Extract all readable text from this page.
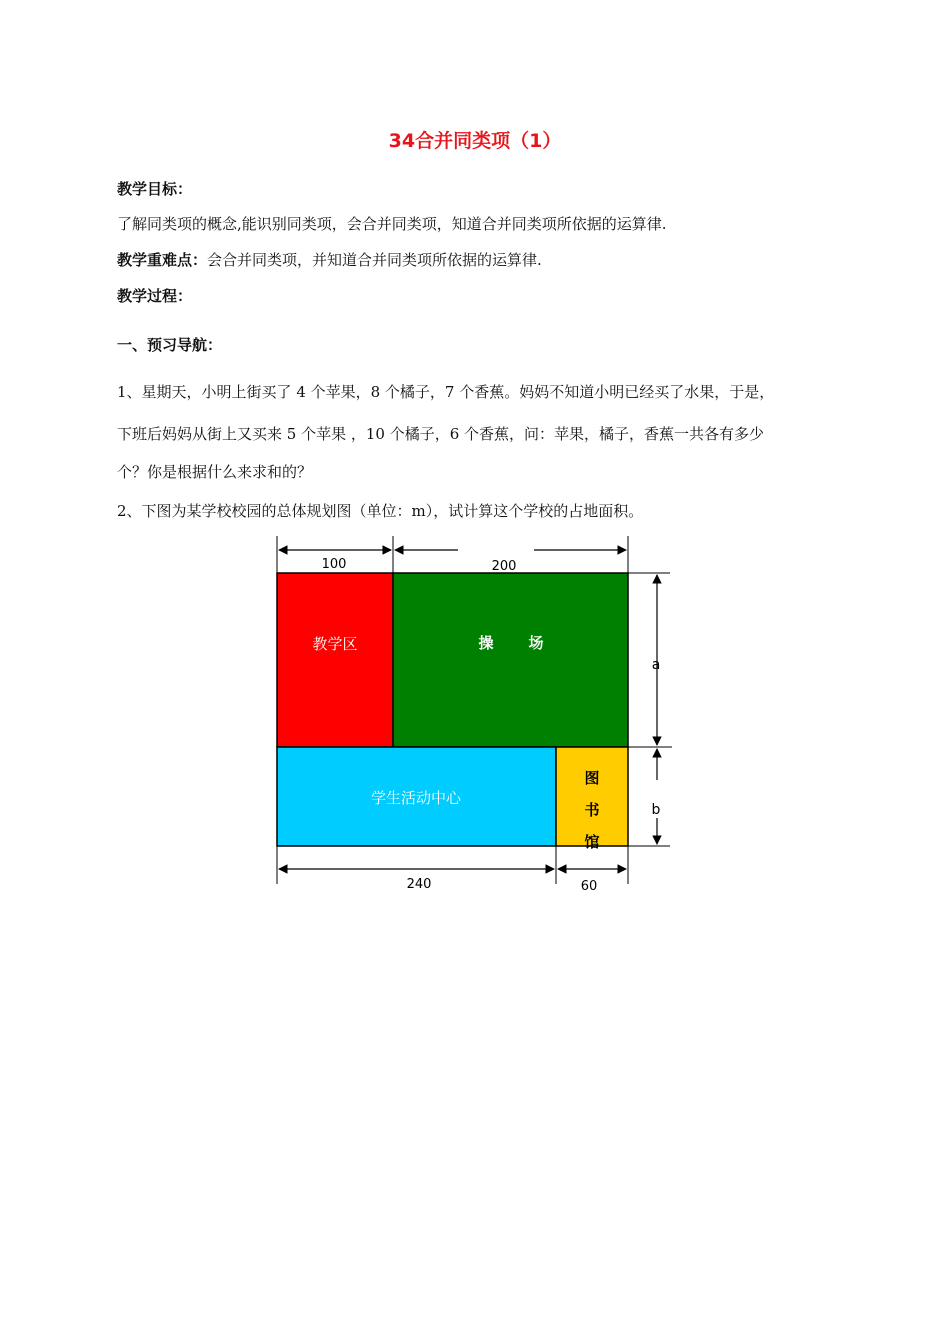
34合并同类项（1）
教学目标：
了解同类项的概念,能识别同类项，会合并同类项，知道合并同类项所依据的运算律.
教学重难点：会合并同类项，并知道合并同类项所依据的运算律.
教学过程：
一、预习导航：
1、星期天，小明上街买了 4 个苹果，8 个橘子，7 个香蕉。妈妈不知道小明已经买了水果，于是，
下班后妈妈从街上又买来 5 个苹果 ，10 个橘子，6 个香蕉，问：苹果，橘子，香蕉一共各有多少
个？你是根据什么来求和的？
2、下图为某学校校园的总体规划图（单位：m），试计算这个学校的占地面积。
教学区	操 场
学生活动中心
图
书
馆
100	200
a
b
240	60
